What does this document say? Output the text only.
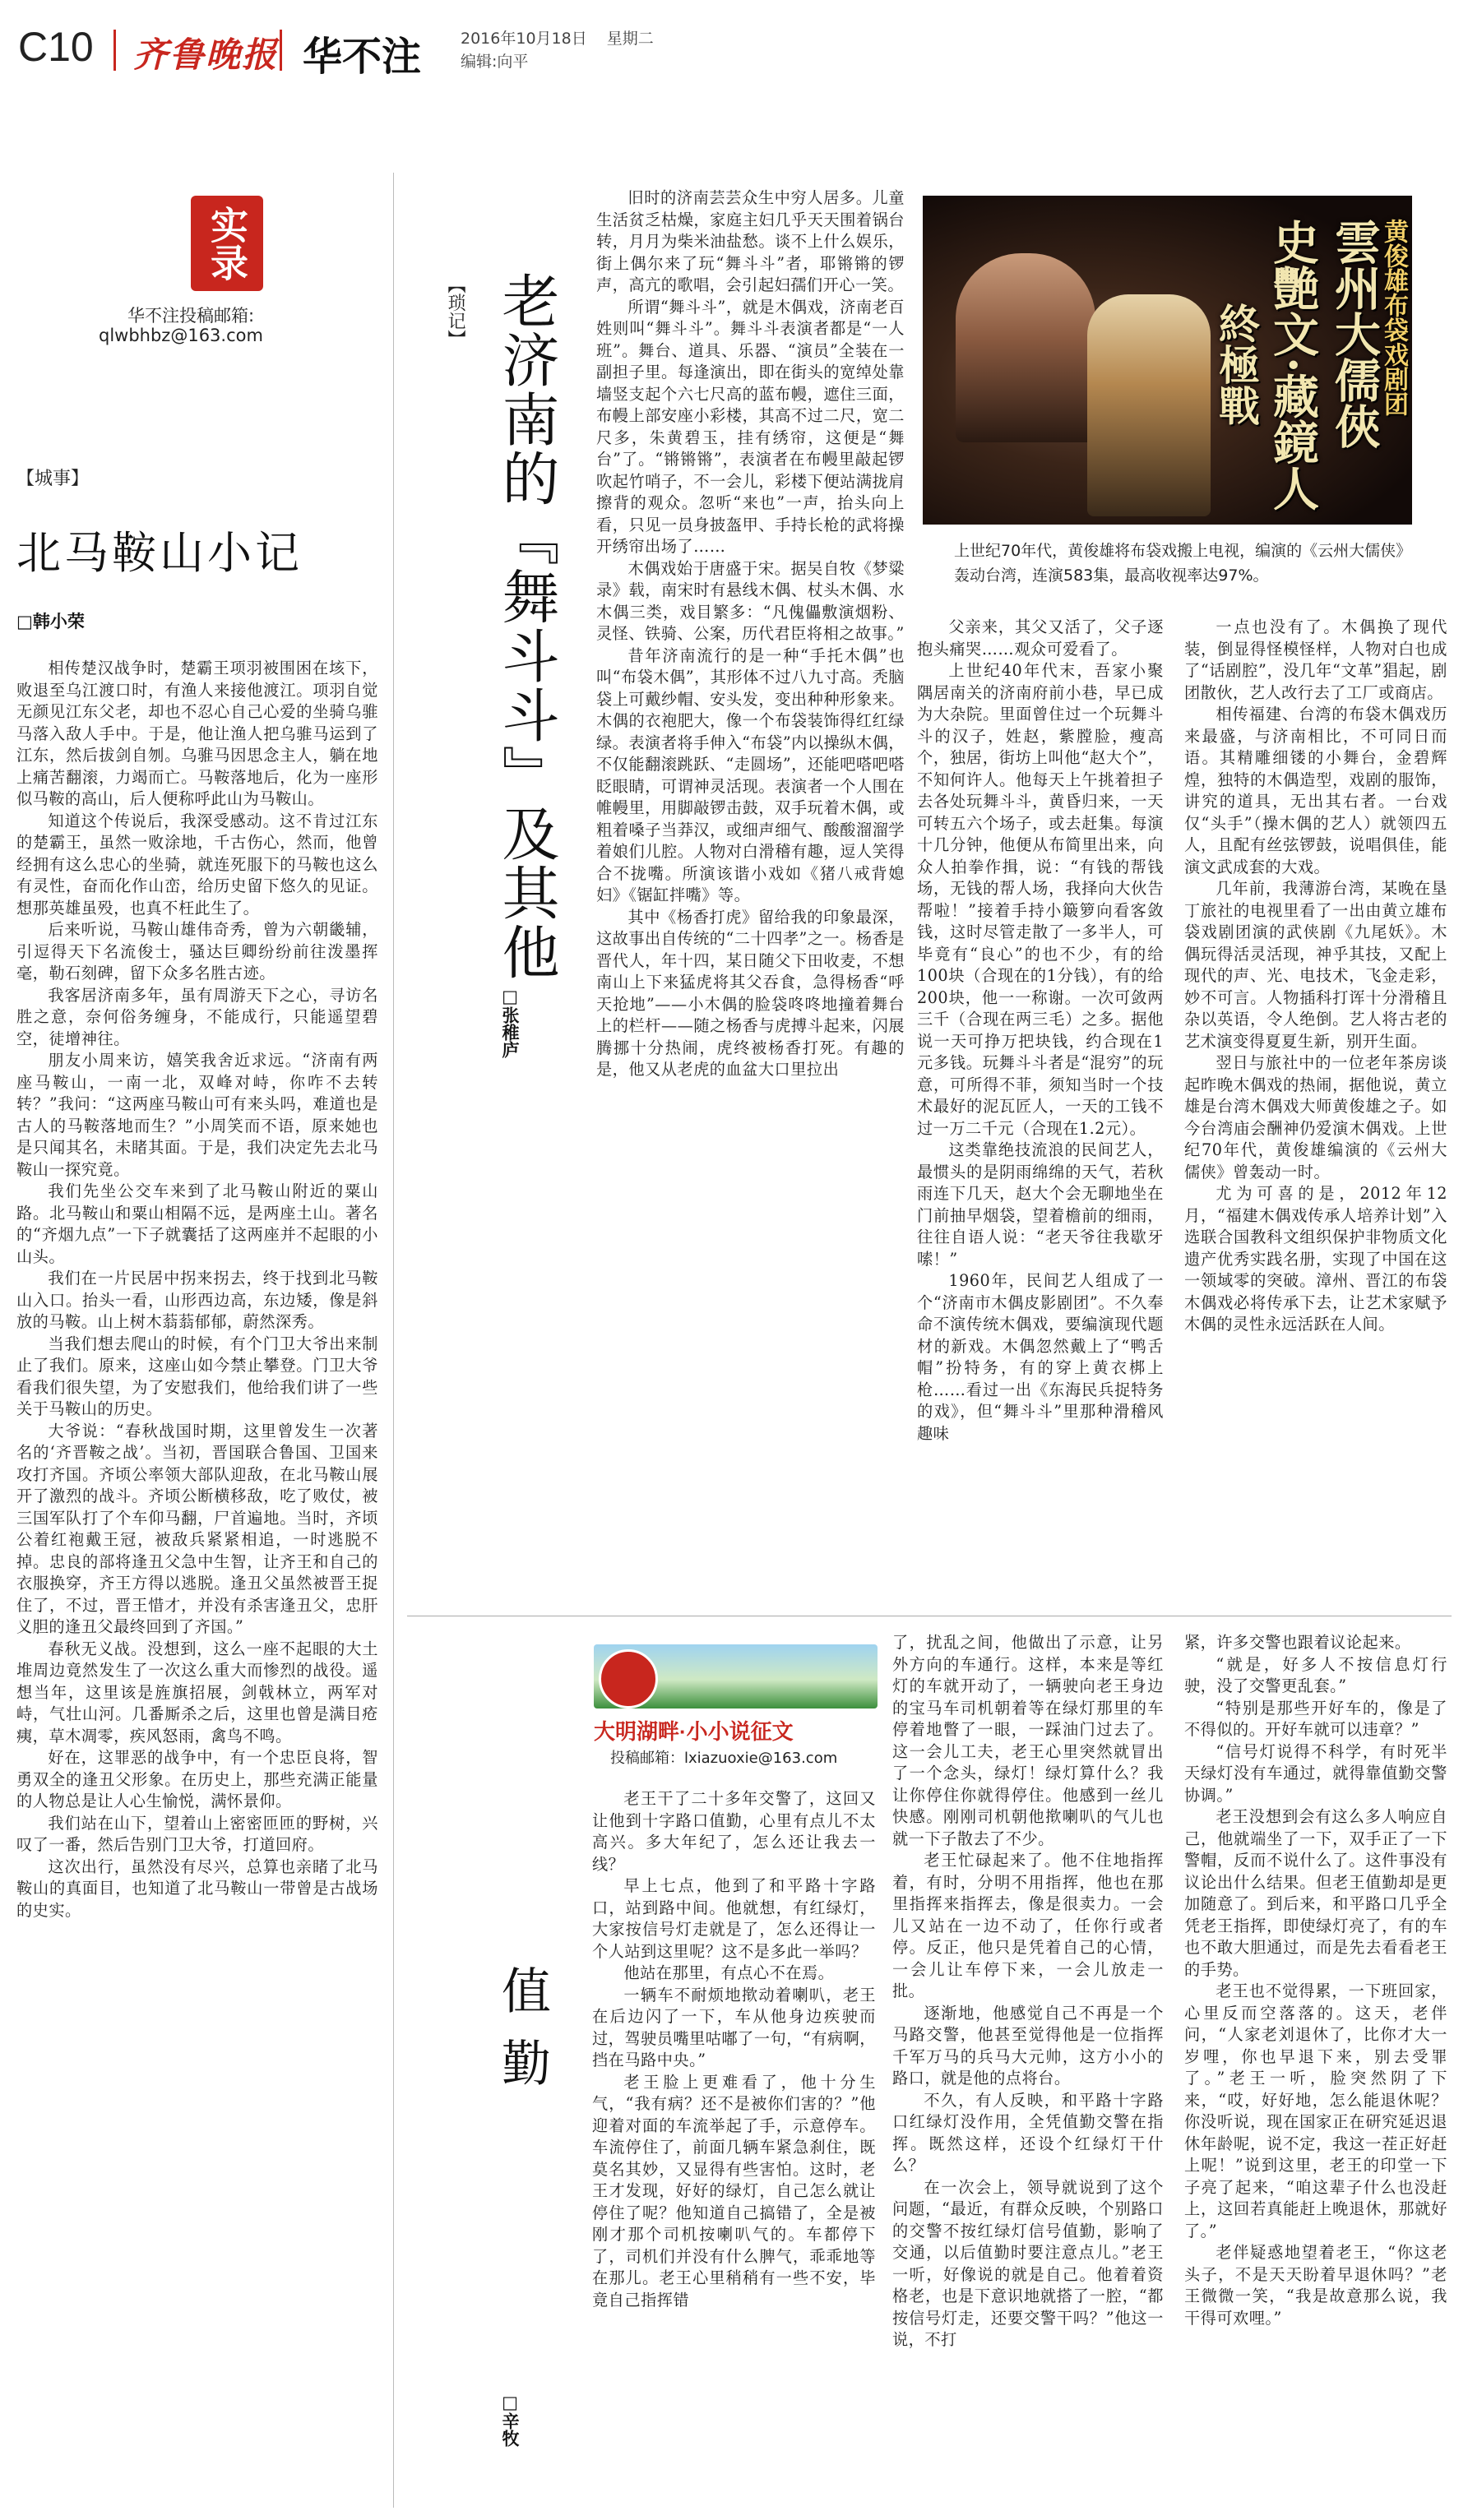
C10 齐鲁晚报 华不注	2016年10月18日 星期二
编辑:向平
实录
华不注投稿邮箱:
qlwbhbz@163.com
【城事】
北马鞍山小记
□韩小荣

相传楚汉战争时，楚霸王项羽被围困在垓下，败退至乌江渡口时，有渔人来接他渡江。项羽自觉无颜见江东父老，却也不忍心自己心爱的坐骑乌骓马落入敌人手中。于是，他让渔人把乌骓马运到了江东，然后拔剑自刎。乌骓马因思念主人，躺在地上痛苦翻滚，力竭而亡。马鞍落地后，化为一座形似马鞍的高山，后人便称呼此山为马鞍山。

知道这个传说后，我深受感动。这不肯过江东的楚霸王，虽然一败涂地，千古伤心，然而，他曾经拥有这么忠心的坐骑，就连死服下的马鞍也这么有灵性，奋而化作山峦，给历史留下悠久的见证。想那英雄虽殁，也真不枉此生了。

后来听说，马鞍山雄伟奇秀，曾为六朝畿辅，引逗得天下名流俊士，骚达巨卿纷纷前往泼墨挥毫，勒石刻碑，留下众多名胜古迹。

我客居济南多年，虽有周游天下之心，寻访名胜之意，奈何俗务缠身，不能成行，只能遥望碧空，徒增神往。

朋友小周来访，嬉笑我舍近求远。“济南有两座马鞍山，一南一北，双峰对峙，你咋不去转转？”我问：“这两座马鞍山可有来头吗，难道也是古人的马鞍落地而生？”小周笑而不语，原来她也是只闻其名，未睹其面。于是，我们决定先去北马鞍山一探究竟。

我们先坐公交车来到了北马鞍山附近的粟山路。北马鞍山和粟山相隔不远，是两座土山。著名的“齐烟九点”一下子就囊括了这两座并不起眼的小山头。

我们在一片民居中拐来拐去，终于找到北马鞍山入口。抬头一看，山形西边高，东边矮，像是斜放的马鞍。山上树木蓊蓊郁郁，蔚然深秀。

当我们想去爬山的时候，有个门卫大爷出来制止了我们。原来，这座山如今禁止攀登。门卫大爷看我们很失望，为了安慰我们，他给我们讲了一些关于马鞍山的历史。

大爷说：“春秋战国时期，这里曾发生一次著名的‘齐晋鞍之战’。当初，晋国联合鲁国、卫国来攻打齐国。齐顷公率领大部队迎敌，在北马鞍山展开了激烈的战斗。齐顷公断横移敌，吃了败仗，被三国军队打了个车仰马翻，尸首遍地。当时，齐顷公着红袍戴王冠，被敌兵紧紧相追，一时逃脱不掉。忠良的部将逢丑父急中生智，让齐王和自己的衣服换穿，齐王方得以逃脱。逢丑父虽然被晋王捉住了，不过，晋王惜才，并没有杀害逢丑父，忠肝义胆的逢丑父最终回到了齐国。”

春秋无义战。没想到，这么一座不起眼的大土堆周边竟然发生了一次这么重大而惨烈的战役。遥想当年，这里该是旌旗招展，剑戟林立，两军对峙，气壮山河。几番厮杀之后，这里也曾是满目疮痍，草木凋零，疾风怒雨，禽鸟不鸣。

好在，这罪恶的战争中，有一个忠臣良将，智勇双全的逢丑父形象。在历史上，那些充满正能量的人物总是让人心生愉悦，满怀景仰。

我们站在山下，望着山上密密匝匝的野树，兴叹了一番，然后告别门卫大爷，打道回府。

这次出行，虽然没有尽兴，总算也亲睹了北马鞍山的真面目，也知道了北马鞍山一带曾是古战场的史实。

【琐记】 老济南的『舞斗斗』及其他
□张稚庐

旧时的济南芸芸众生中穷人居多。儿童生活贫乏枯燥，家庭主妇几乎天天围着锅台转，月月为柴米油盐愁。谈不上什么娱乐，街上偶尔来了玩“舞斗斗”者，耶锵锵的锣声，高亢的歌唱，会引起妇孺们开心一笑。

所谓“舞斗斗”，就是木偶戏，济南老百姓则叫“舞斗斗”。舞斗斗表演者都是“一人班”。舞台、道具、乐器、“演员”全装在一副担子里。每逢演出，即在街头的宽绰处靠墙竖支起个六七尺高的蓝布幔，遮住三面，布幔上部安座小彩楼，其高不过二尺，宽二尺多，朱黄碧玉，挂有绣帘，这便是“舞台”了。“锵锵锵”，表演者在布幔里敲起锣吹起竹哨子，不一会儿，彩楼下便站满拢肩擦背的观众。忽听“来也”一声，抬头向上看，只见一员身披盔甲、手持长枪的武将操开绣帘出场了……

木偶戏始于唐盛于宋。据吴自牧《梦粱录》载，南宋时有悬线木偶、杖头木偶、水木偶三类，戏目繁多：“凡傀儡敷演烟粉、灵怪、铁骑、公案，历代君臣将相之故事。”

昔年济南流行的是一种“手托木偶”也叫“布袋木偶”，其形体不过八九寸高。秃脑袋上可戴纱帽、安头发，变出种种形象来。木偶的衣袍肥大，像一个布袋装饰得红红绿绿。表演者将手伸入“布袋”内以操纵木偶，不仅能翻滚跳跃、“走圆场”，还能吧嗒吧嗒眨眼睛，可谓神灵活现。表演者一个人围在帷幔里，用脚敲锣击鼓，双手玩着木偶，或粗着嗓子当莽汉，或细声细气、酸酸溜溜学着娘们儿腔。人物对白滑稽有趣，逗人笑得合不拢嘴。所演该谐小戏如《猪八戒背媳妇》《锯缸拌嘴》等。

其中《杨香打虎》留给我的印象最深，这故事出自传统的“二十四孝”之一。杨香是晋代人，年十四，某日随父下田收麦，不想南山上下来猛虎将其父吞食，急得杨香“呼天抢地”——小木偶的脸袋咚咚地撞着舞台上的栏杆——随之杨香与虎搏斗起来，闪展腾挪十分热闹，虎终被杨香打死。有趣的是，他又从老虎的血盆大口里拉出

黄俊雄布袋戏剧团
雲州大儒俠
史艷文·藏鏡人
終極戰
上世纪70年代，黄俊雄将布袋戏搬上电视，编演的《云州大儒侠》轰动台湾，连演583集，最高收视率达97%。

父亲来，其父又活了，父子逐抱头痛哭……观众可爱看了。

上世纪40年代末，吾家小聚隅居南关的济南府前小巷，早已成为大杂院。里面曾住过一个玩舞斗斗的汉子，姓赵，紫膛脸，瘦高个，独居，街坊上叫他“赵大个”，不知何许人。他每天上午挑着担子去各处玩舞斗斗，黄昏归来，一天可转五六个场子，或去赶集。每演十几分钟，他便从布简里出来，向众人拍拳作揖，说：“有钱的帮钱场，无钱的帮人场，我择向大伙告帮啦！”接着手持小簸箩向看客敛钱，这时尽管走散了一多半人，可毕竟有“良心”的也不少，有的给100块（合现在的1分钱），有的给200块，他一一称谢。一次可敛两三千（合现在两三毛）之多。据他说一天可挣万把块钱，约合现在1元多钱。玩舞斗斗者是“混穷”的玩意，可所得不菲，须知当时一个技术最好的泥瓦匠人，一天的工钱不过一万二千元（合现在1.2元）。

这类靠绝技流浪的民间艺人，最惯头的是阴雨绵绵的天气，若秋雨连下几天，赵大个会无聊地坐在门前抽早烟袋，望着檐前的细雨，往往自语人说：“老天爷往我歇牙嗦！”

1960年，民间艺人组成了一个“济南市木偶皮影剧团”。不久奉命不演传统木偶戏，要编演现代题材的新戏。木偶忽然戴上了“鸭舌帽”扮特务，有的穿上黄衣梆上枪……看过一出《东海民兵捉特务的戏》，但“舞斗斗”里那种滑稽风趣味

一点也没有了。木偶换了现代装，倒显得怪模怪样，人物对白也成了“话剧腔”，没几年“文革”猖起，剧团散伙，艺人改行去了工厂或商店。

相传福建、台湾的布袋木偶戏历来最盛，与济南相比，不可同日而语。其精雕细镂的小舞台，金碧辉煌，独特的木偶造型，戏剧的服饰，讲究的道具，无出其右者。一台戏仅“头手”（操木偶的艺人）就领四五人，且配有丝弦锣鼓，说唱俱佳，能演文武成套的大戏。

几年前，我薄游台湾，某晚在垦丁旅社的电视里看了一出由黄立雄布袋戏剧团演的武侠剧《九尾妖》。木偶玩得活灵活现，神乎其技，又配上现代的声、光、电技术，飞金走彩，妙不可言。人物插科打诨十分滑稽且杂以英语，令人绝倒。艺人将古老的艺术演变得夏夏生新，别开生面。

翌日与旅社中的一位老年茶房谈起昨晚木偶戏的热闹，据他说，黄立雄是台湾木偶戏大师黄俊雄之子。如今台湾庙会酬神仍爱演木偶戏。上世纪70年代，黄俊雄编演的《云州大儒侠》曾轰动一时。

尤为可喜的是，2012年12月，“福建木偶戏传承人培养计划”入选联合国教科文组织保护非物质文化遗产优秀实践名册，实现了中国在这一领域零的突破。漳州、晋江的布袋木偶戏必将传承下去，让艺术家赋予木偶的灵性永远活跃在人间。

大明湖畔·小小说征文
投稿邮箱：lxiazuoxie@163.com
值勤
□辛牧

老王干了二十多年交警了，这回又让他到十字路口值勤，心里有点儿不太高兴。多大年纪了，怎么还让我去一线？

早上七点，他到了和平路十字路口，站到路中间。他就想，有红绿灯，大家按信号灯走就是了，怎么还得让一个人站到这里呢？这不是多此一举吗？

他站在那里，有点心不在焉。

一辆车不耐烦地揿动着喇叭，老王在后边闪了一下，车从他身边疾驶而过，驾驶员嘴里咕嘟了一句，“有病啊，挡在马路中央。”

老王脸上更难看了，他十分生气，“我有病？还不是被你们害的？”他迎着对面的车流举起了手，示意停车。车流停住了，前面几辆车紧急刹住，既莫名其妙，又显得有些害怕。这时，老王才发现，好好的绿灯，自己怎么就让停住了呢？他知道自己搞错了，全是被刚才那个司机按喇叭气的。车都停下了，司机们并没有什么脾气，乖乖地等在那儿。老王心里稍稍有一些不安，毕竟自己指挥错

了，扰乱之间，他做出了示意，让另外方向的车通行。这样，本来是等红灯的车就开动了，一辆驶向老王身边的宝马车司机朝着等在绿灯那里的车停着地瞥了一眼，一踩油门过去了。这一会儿工夫，老王心里突然就冒出了一个念头，绿灯！绿灯算什么？我让你停住你就得停住。他感到一丝儿快感。刚刚司机朝他揿喇叭的气儿也就一下子散去了不少。

老王忙碌起来了。他不住地指挥着，有时，分明不用指挥，他也在那里指挥来指挥去，像是很卖力。一会儿又站在一边不动了，任你行或者停。反正，他只是凭着自己的心情，一会儿让车停下来，一会儿放走一批。

逐渐地，他感觉自己不再是一个马路交警，他甚至觉得他是一位指挥千军万马的兵马大元帅，这方小小的路口，就是他的点将台。

不久，有人反映，和平路十字路口红绿灯没作用，全凭值勤交警在指挥。既然这样，还设个红绿灯干什么？

在一次会上，领导就说到了这个问题，“最近，有群众反映，个别路口的交警不按红绿灯信号值勤，影响了交通，以后值勤时要注意点儿。”老王一听，好像说的就是自己。他着着资格老，也是下意识地就搭了一腔，“都按信号灯走，还要交警干吗？”他这一说，不打

紧，许多交警也跟着议论起来。

“就是，好多人不按信息灯行驶，没了交警更乱套。”

“特别是那些开好车的，像是了不得似的。开好车就可以违章？”

“信号灯说得不科学，有时死半天绿灯没有车通过，就得靠值勤交警协调。”

老王没想到会有这么多人响应自己，他就端坐了一下，双手正了一下警帽，反而不说什么了。这件事没有议论出什么结果。但老王值勤却是更加随意了。到后来，和平路口几乎全凭老王指挥，即使绿灯亮了，有的车也不敢大胆通过，而是先去看看老王的手势。

老王也不觉得累，一下班回家，心里反而空落落的。这天，老伴问，“人家老刘退休了，比你才大一岁哩，你也早退下来，别去受罪了。”老王一听，脸突然阴了下来，“哎，好好地，怎么能退休呢？你没听说，现在国家正在研究延迟退休年龄呢，说不定，我这一茬正好赶上呢！”说到这里，老王的印堂一下子亮了起来，“咱这辈子什么也没赶上，这回若真能赶上晚退休，那就好了。”

老伴疑惑地望着老王，“你这老头子，不是天天盼着早退休吗？”老王微微一笑，“我是故意那么说，我干得可欢哩。”
